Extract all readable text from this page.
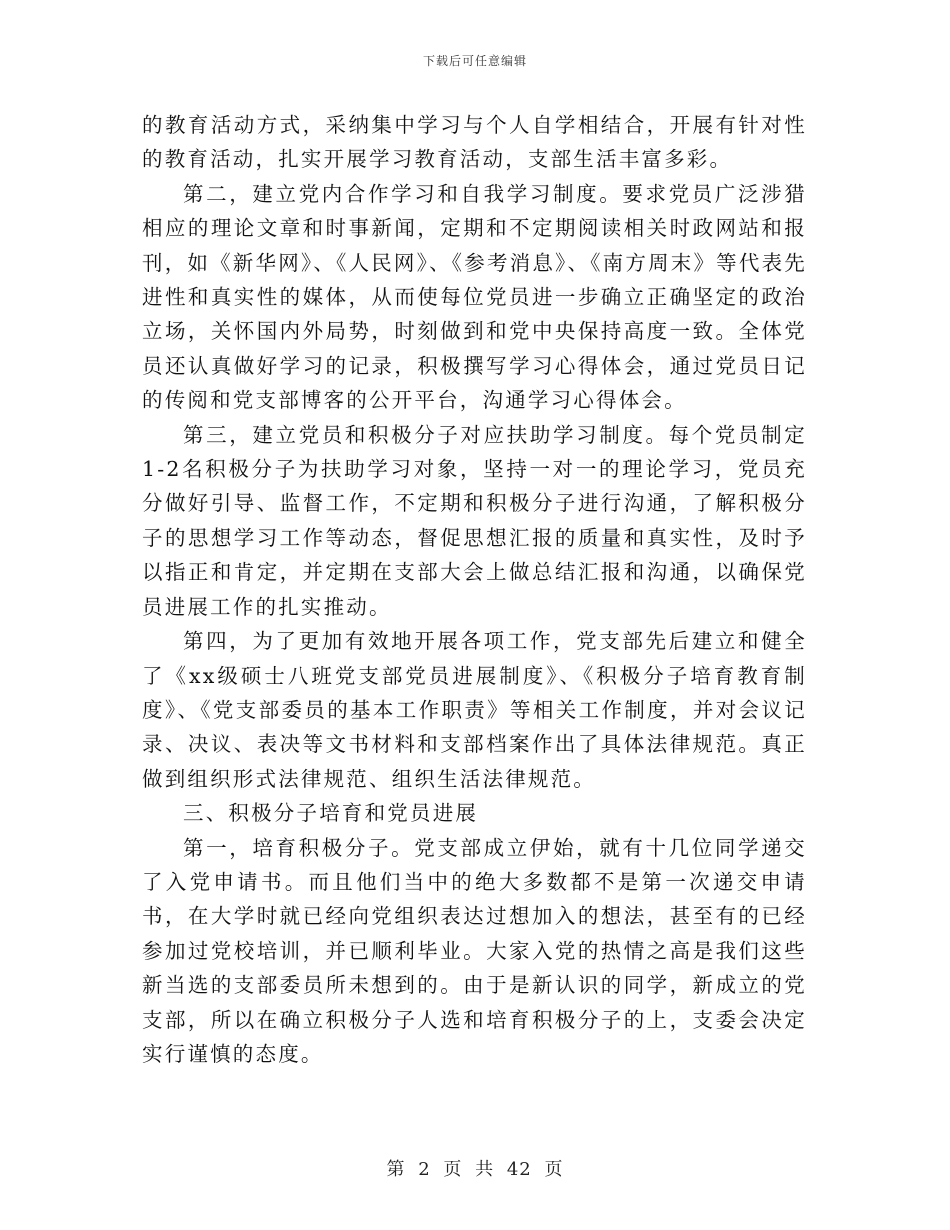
下载后可任意编辑

的教育活动方式，采纳集中学习与个人自学相结合，开展有针对性的教育活动，扎实开展学习教育活动，支部生活丰富多彩。

第二，建立党内合作学习和自我学习制度。要求党员广泛涉猎相应的理论文章和时事新闻，定期和不定期阅读相关时政网站和报刊，如《新华网》、《人民网》、《参考消息》、《南方周末》等代表先进性和真实性的媒体，从而使每位党员进一步确立正确坚定的政治立场，关怀国内外局势，时刻做到和党中央保持高度一致。全体党员还认真做好学习的记录，积极撰写学习心得体会，通过党员日记的传阅和党支部博客的公开平台，沟通学习心得体会。

第三，建立党员和积极分子对应扶助学习制度。每个党员制定1-2名积极分子为扶助学习对象，坚持一对一的理论学习，党员充分做好引导、监督工作，不定期和积极分子进行沟通，了解积极分子的思想学习工作等动态，督促思想汇报的质量和真实性，及时予以指正和肯定，并定期在支部大会上做总结汇报和沟通，以确保党员进展工作的扎实推动。

第四，为了更加有效地开展各项工作，党支部先后建立和健全了《xx级硕士八班党支部党员进展制度》、《积极分子培育教育制度》、《党支部委员的基本工作职责》等相关工作制度，并对会议记录、决议、表决等文书材料和支部档案作出了具体法律规范。真正做到组织形式法律规范、组织生活法律规范。

三、积极分子培育和党员进展

第一，培育积极分子。党支部成立伊始，就有十几位同学递交了入党申请书。而且他们当中的绝大多数都不是第一次递交申请书，在大学时就已经向党组织表达过想加入的想法，甚至有的已经参加过党校培训，并已顺利毕业。大家入党的热情之高是我们这些新当选的支部委员所未想到的。由于是新认识的同学，新成立的党支部，所以在确立积极分子人选和培育积极分子的上，支委会决定实行谨慎的态度。

第 2 页 共 42 页
